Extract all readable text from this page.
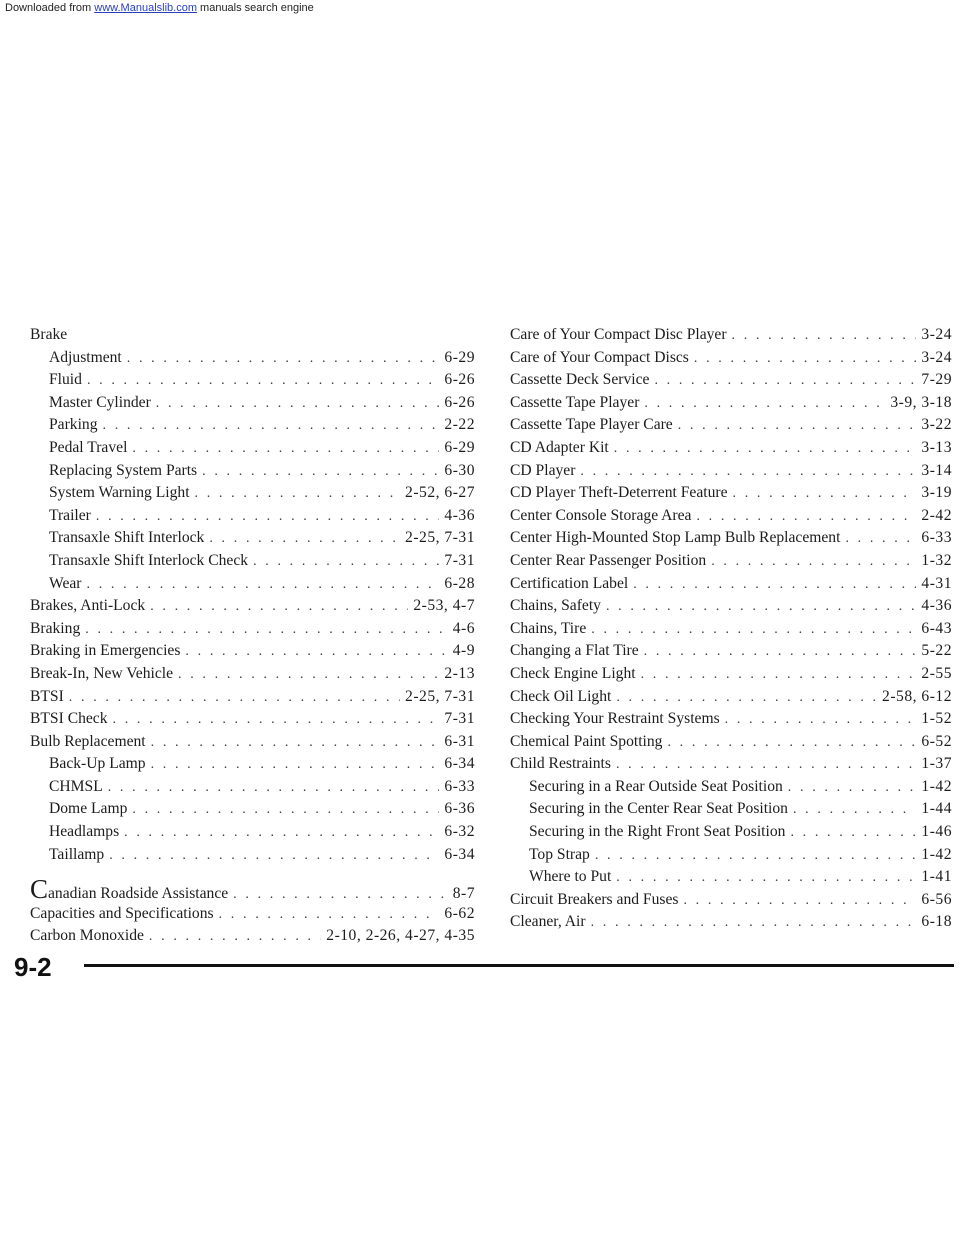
Downloaded from www.Manualslib.com manuals search engine
Brake
Adjustment . . .	6-29
Fluid . . .	6-26
Master Cylinder . . .	6-26
Parking . . .	2-22
Pedal Travel . . .	6-29
Replacing System Parts . . .	6-30
System Warning Light . . .	2-52, 6-27
Trailer . . .	4-36
Transaxle Shift Interlock . . .	2-25, 7-31
Transaxle Shift Interlock Check . . .	7-31
Wear . . .	6-28
Brakes, Anti-Lock . . .	2-53, 4-7
Braking . . .	4-6
Braking in Emergencies . . .	4-9
Break-In, New Vehicle . . .	2-13
BTSI . . .	2-25, 7-31
BTSI Check . . .	7-31
Bulb Replacement . . .	6-31
Back-Up Lamp . . .	6-34
CHMSL . . .	6-33
Dome Lamp . . .	6-36
Headlamps . . .	6-32
Taillamp . . .	6-34
Canadian Roadside Assistance . . .	8-7
Capacities and Specifications . . .	6-62
Carbon Monoxide . . .	2-10, 2-26, 4-27, 4-35
Care of Your Compact Disc Player . . .	3-24
Care of Your Compact Discs . . .	3-24
Cassette Deck Service . . .	7-29
Cassette Tape Player . . .	3-9, 3-18
Cassette Tape Player Care . . .	3-22
CD Adapter Kit . . .	3-13
CD Player . . .	3-14
CD Player Theft-Deterrent Feature . . .	3-19
Center Console Storage Area . . .	2-42
Center High-Mounted Stop Lamp Bulb Replacement . . .	6-33
Center Rear Passenger Position . . .	1-32
Certification Label . . .	4-31
Chains, Safety . . .	4-36
Chains, Tire . . .	6-43
Changing a Flat Tire . . .	5-22
Check Engine Light . . .	2-55
Check Oil Light . . .	2-58, 6-12
Checking Your Restraint Systems . . .	1-52
Chemical Paint Spotting . . .	6-52
Child Restraints . . .	1-37
Securing in a Rear Outside Seat Position . . .	1-42
Securing in the Center Rear Seat Position . . .	1-44
Securing in the Right Front Seat Position . . .	1-46
Top Strap . . .	1-42
Where to Put . . .	1-41
Circuit Breakers and Fuses . . .	6-56
Cleaner, Air . . .	6-18
9-2
